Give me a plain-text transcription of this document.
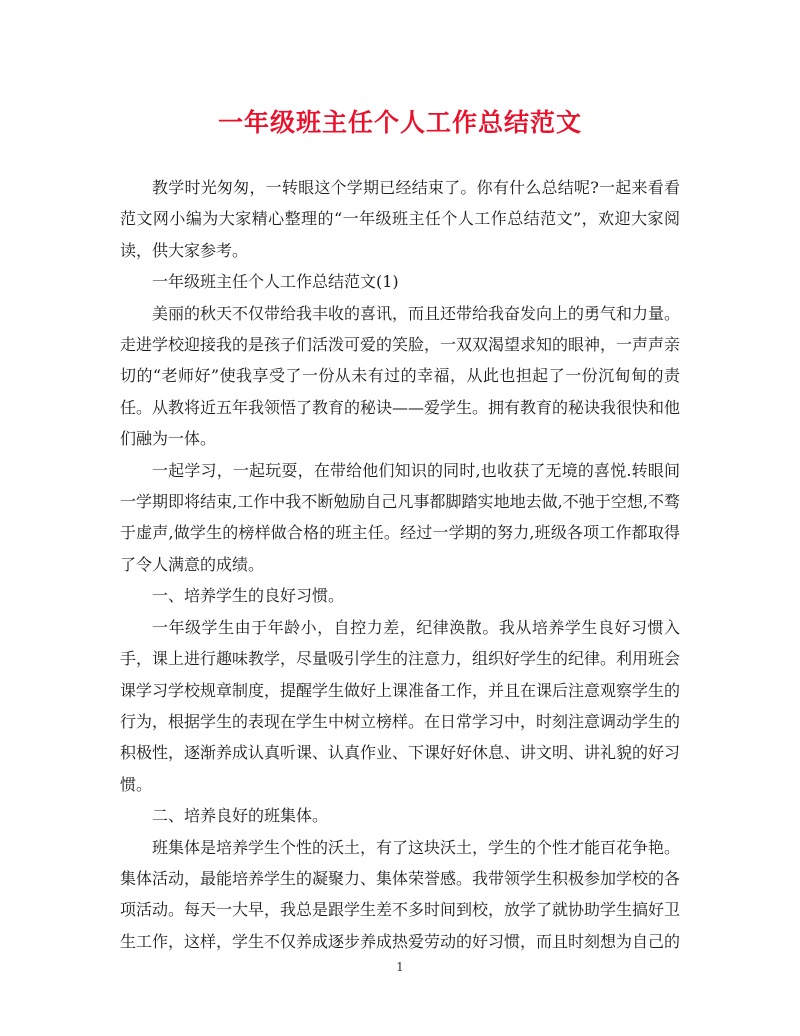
一年级班主任个人工作总结范文

教学时光匆匆，一转眼这个学期已经结束了。你有什么总结呢?一起来看看范文网小编为大家精心整理的“一年级班主任个人工作总结范文”，欢迎大家阅读，供大家参考。

一年级班主任个人工作总结范文(1)

美丽的秋天不仅带给我丰收的喜讯，而且还带给我奋发向上的勇气和力量。走进学校迎接我的是孩子们活泼可爱的笑脸，一双双渴望求知的眼神，一声声亲切的“老师好”使我享受了一份从未有过的幸福，从此也担起了一份沉甸甸的责任。从教将近五年我领悟了教育的秘诀——爱学生。拥有教育的秘诀我很快和他们融为一体。

一起学习，一起玩耍，在带给他们知识的同时,也收获了无境的喜悦.转眼间一学期即将结束,工作中我不断勉励自己凡事都脚踏实地地去做,不弛于空想,不骛于虚声,做学生的榜样做合格的班主任。经过一学期的努力,班级各项工作都取得了令人满意的成绩。

一、培养学生的良好习惯。

一年级学生由于年龄小，自控力差，纪律涣散。我从培养学生良好习惯入手，课上进行趣味教学，尽量吸引学生的注意力，组织好学生的纪律。利用班会课学习学校规章制度，提醒学生做好上课准备工作，并且在课后注意观察学生的行为，根据学生的表现在学生中树立榜样。在日常学习中，时刻注意调动学生的积极性，逐渐养成认真听课、认真作业、下课好好休息、讲文明、讲礼貌的好习惯。

二、培养良好的班集体。

班集体是培养学生个性的沃土，有了这块沃土，学生的个性才能百花争艳。集体活动，最能培养学生的凝聚力、集体荣誉感。我带领学生积极参加学校的各项活动。每天一大早，我总是跟学生差不多时间到校，放学了就协助学生搞好卫生工作，这样，学生不仅养成逐步养成热爱劳动的好习惯，而且时刻想为自己的

1
